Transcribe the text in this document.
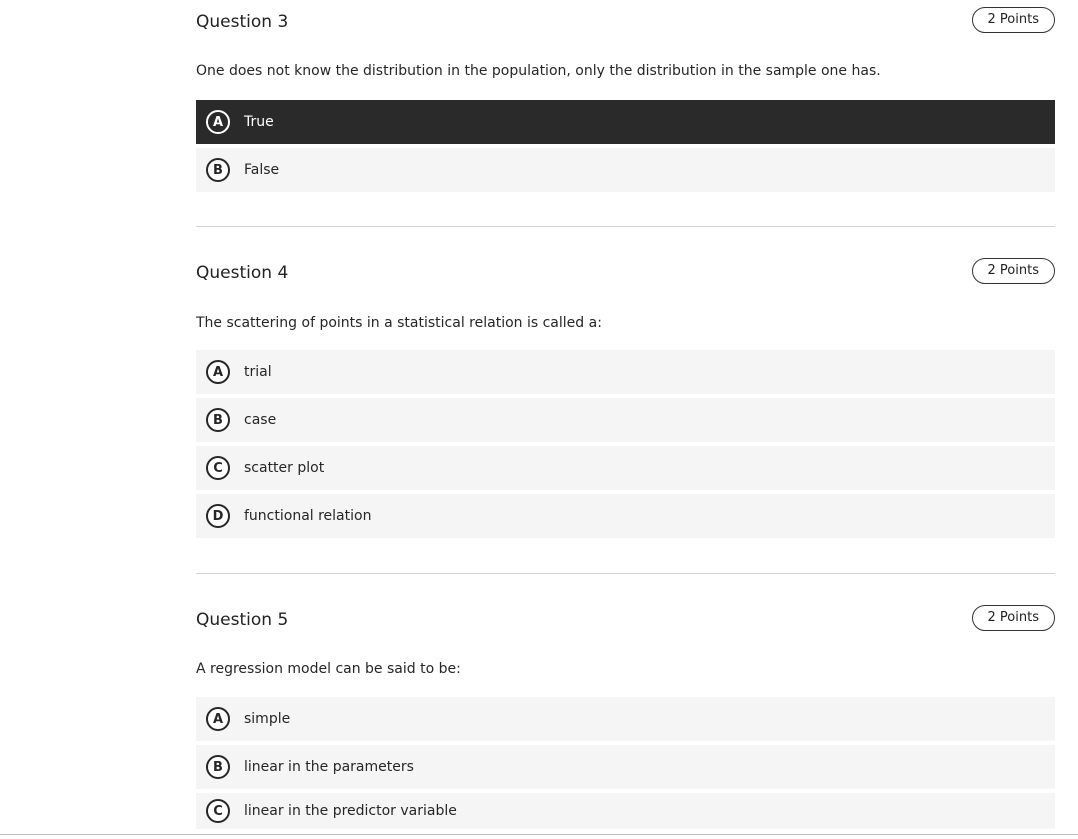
Question 3	2 Points
One does not know the distribution in the population, only the distribution in the sample one has.
A	True
B	False
Question 4	2 Points
The scattering of points in a statistical relation is called a:
A	trial
B	case
C	scatter plot
D	functional relation
Question 5	2 Points
A regression model can be said to be:
A	simple
B	linear in the parameters
C	linear in the predictor variable
